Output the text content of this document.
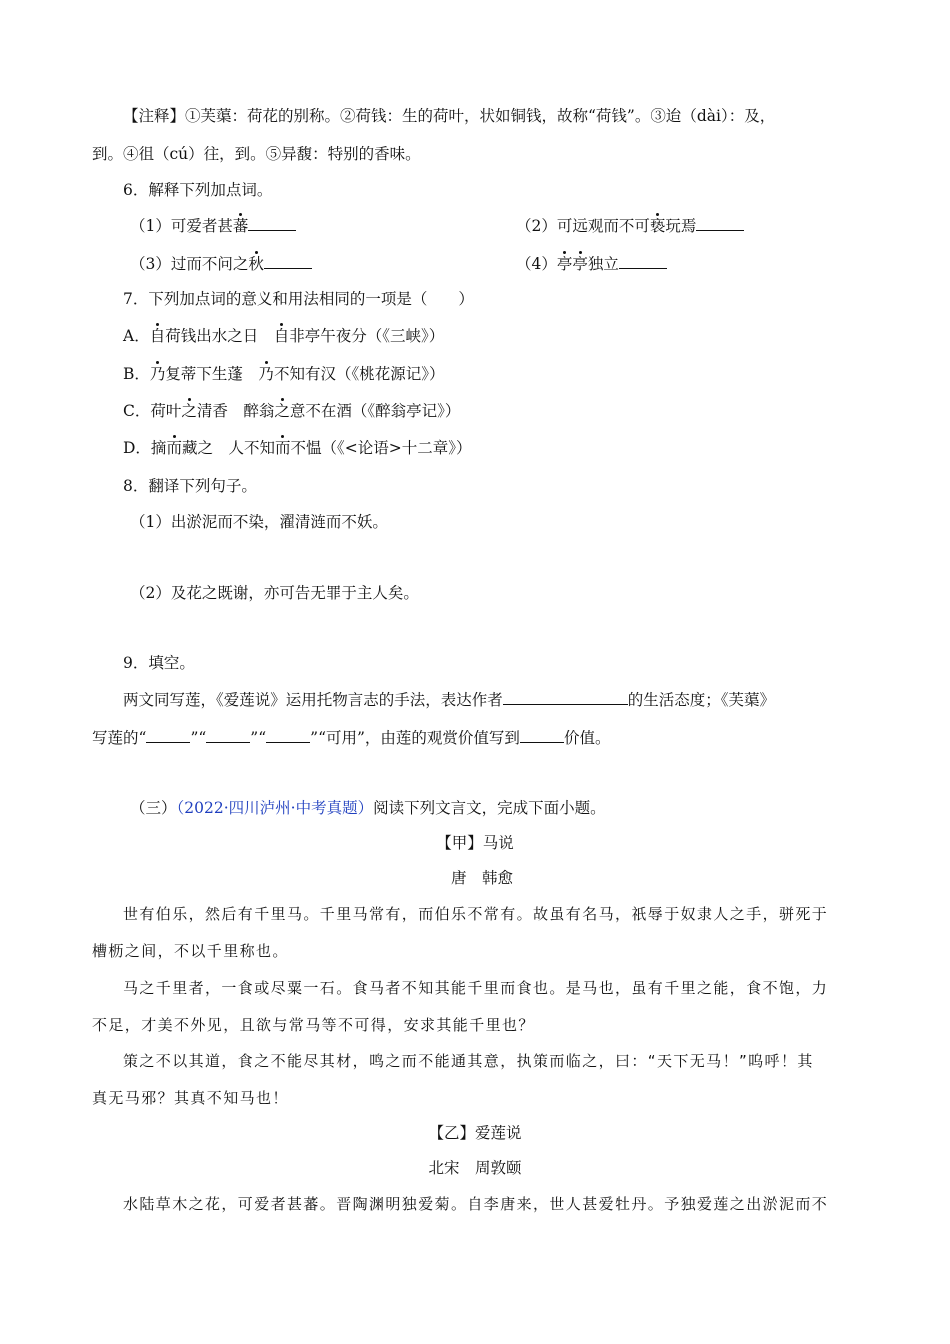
【注释】①芙蕖：荷花的别称。②荷钱：生的荷叶，状如铜钱，故称“荷钱”。③迨（dài）：及，
到。④徂（cú）往，到。⑤异馥：特别的香味。
6．解释下列加点词。
（1）可爱者甚蕃	（2）可远观而不可亵玩焉
（3）过而不问之秋	（4）亭亭独立
7．下列加点词的意义和用法相同的一项是（　　）
A．自荷钱出水之日　自非亭午夜分（《三峡》）
B．乃复蒂下生蓬　乃不知有汉（《桃花源记》）
C．荷叶之清香　醉翁之意不在酒（《醉翁亭记》）
D．摘而藏之　人不知而不愠（《<论语>十二章》）
8．翻译下列句子。
（1）出淤泥而不染，濯清涟而不妖。
（2）及花之既谢，亦可告无罪于主人矣。
9．填空。
两文同写莲，《爱莲说》运用托物言志的手法，表达作者	的生活态度；《芙蕖》
写莲的“	”“	”“	”“可用”，由莲的观赏价值写到	价值。
（三）（2022·四川泸州·中考真题）阅读下列文言文，完成下面小题。
【甲】马说
唐　韩愈
世有伯乐，然后有千里马。千里马常有，而伯乐不常有。故虽有名马，祇辱于奴隶人之手，骈死于
槽枥之间，不以千里称也。
马之千里者，一食或尽粟一石。食马者不知其能千里而食也。是马也，虽有千里之能，食不饱，力
不足，才美不外见，且欲与常马等不可得，安求其能千里也？
策之不以其道，食之不能尽其材，鸣之而不能通其意，执策而临之，曰：“天下无马！”呜呼！其
真无马邪？其真不知马也！
【乙】爱莲说
北宋　周敦颐
水陆草木之花，可爱者甚蕃。晋陶渊明独爱菊。自李唐来，世人甚爱牡丹。予独爱莲之出淤泥而不
